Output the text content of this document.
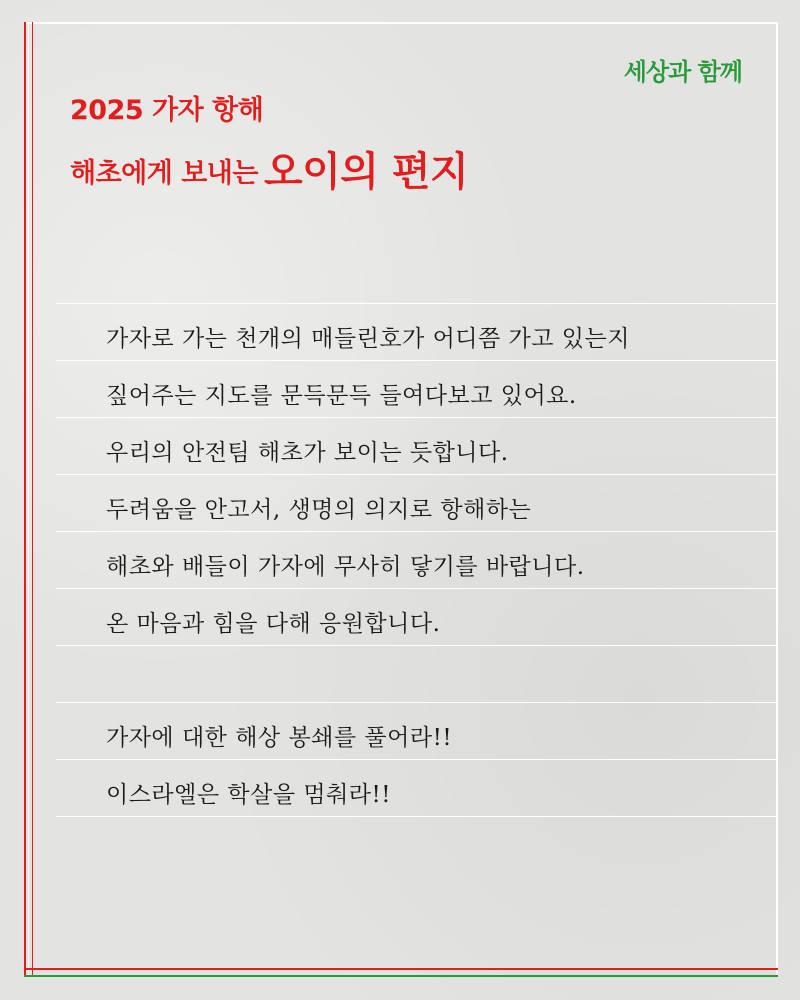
세상과 함께
2025 가자 항해
해초에게 보내는 오이의 편지
가자로 가는 천개의 매들린호가 어디쯤 가고 있는지
짚어주는 지도를 문득문득 들여다보고 있어요.
우리의 안전팀 해초가 보이는 듯합니다.
두려움을 안고서, 생명의 의지로 항해하는
해초와 배들이 가자에 무사히 닿기를 바랍니다.
온 마음과 힘을 다해 응원합니다.
가자에 대한 해상 봉쇄를 풀어라!!
이스라엘은 학살을 멈춰라!!
